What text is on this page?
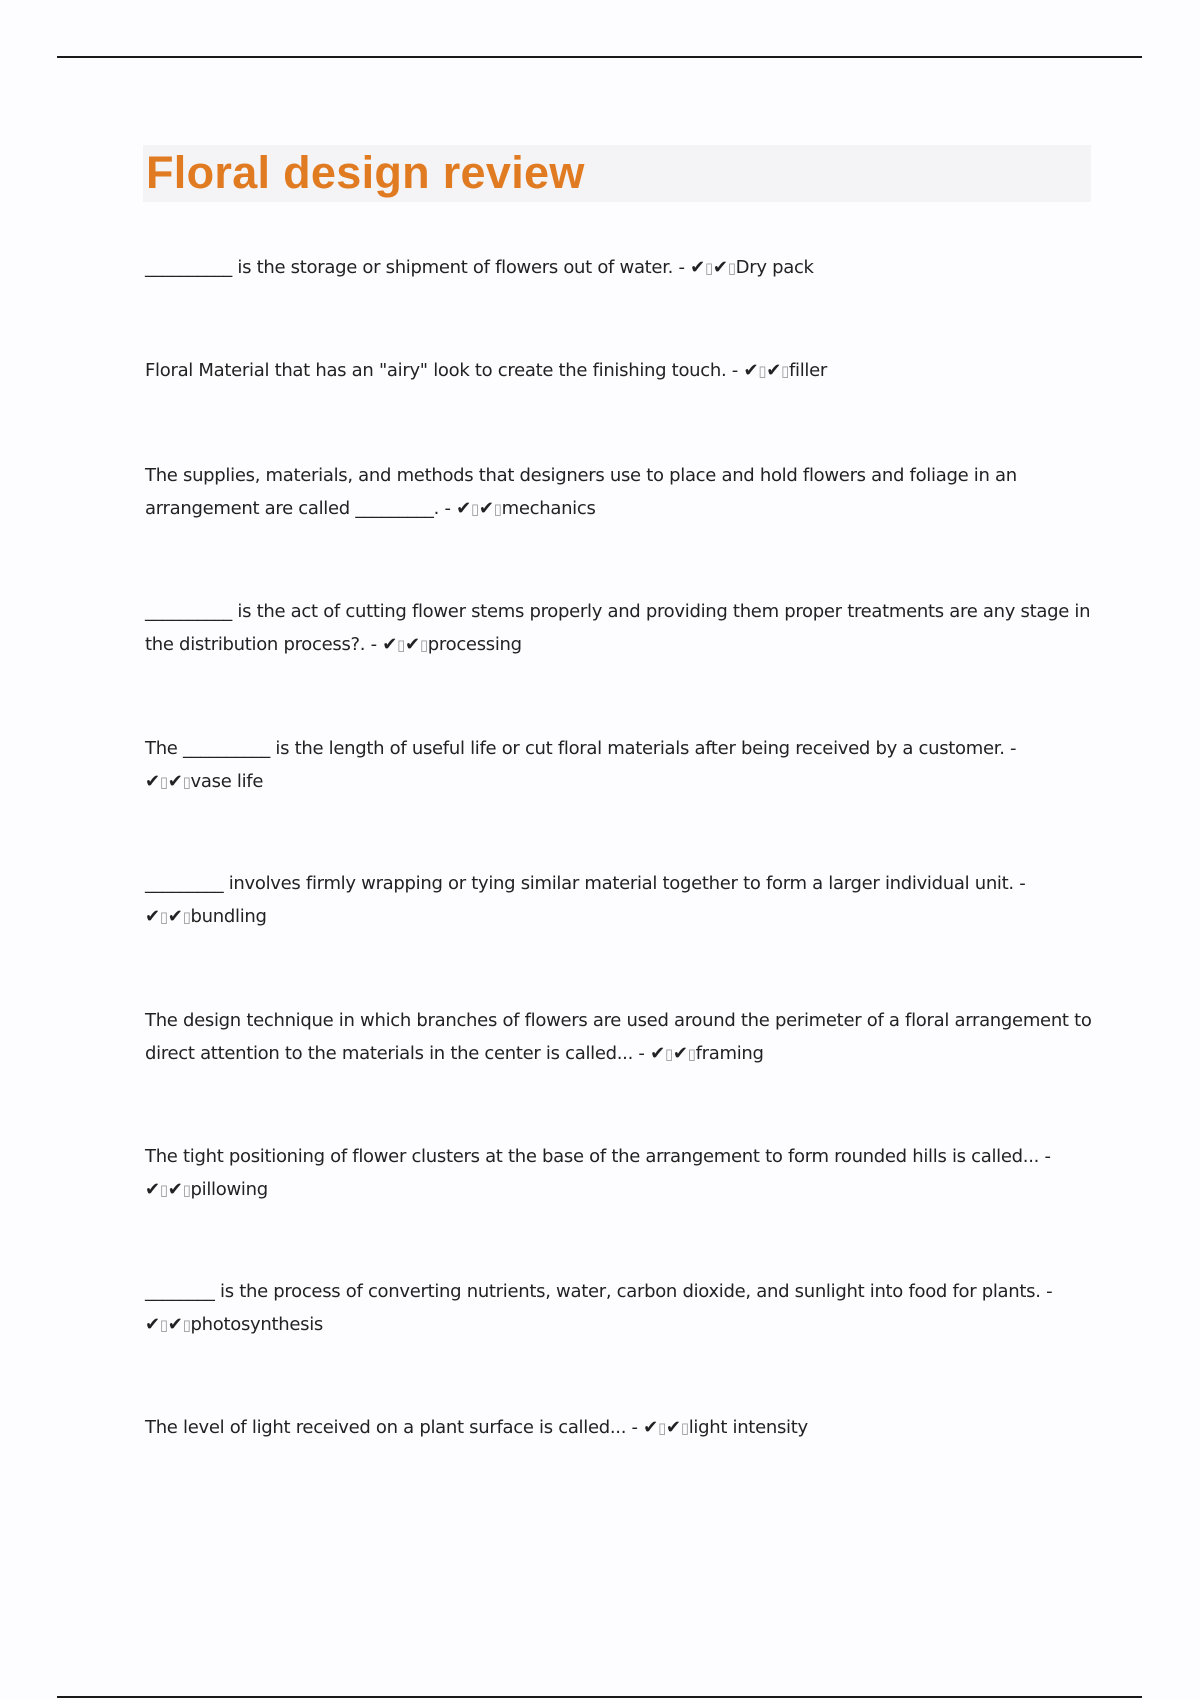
Floral design review

__________ is the storage or shipment of flowers out of water. - ✔▯✔▯Dry pack

Floral Material that has an "airy" look to create the finishing touch. - ✔▯✔▯filler

The supplies, materials, and methods that designers use to place and hold flowers and foliage in an arrangement are called _________. - ✔▯✔▯mechanics

__________ is the act of cutting flower stems properly and providing them proper treatments are any stage in the distribution process?. - ✔▯✔▯processing

The __________ is the length of useful life or cut floral materials after being received by a customer. - ✔▯✔▯vase life

_________ involves firmly wrapping or tying similar material together to form a larger individual unit. - ✔▯✔▯bundling

The design technique in which branches of flowers are used around the perimeter of a floral arrangement to direct attention to the materials in the center is called... - ✔▯✔▯framing

The tight positioning of flower clusters at the base of the arrangement to form rounded hills is called... - ✔▯✔▯pillowing

________ is the process of converting nutrients, water, carbon dioxide, and sunlight into food for plants. - ✔▯✔▯photosynthesis

The level of light received on a plant surface is called... - ✔▯✔▯light intensity
